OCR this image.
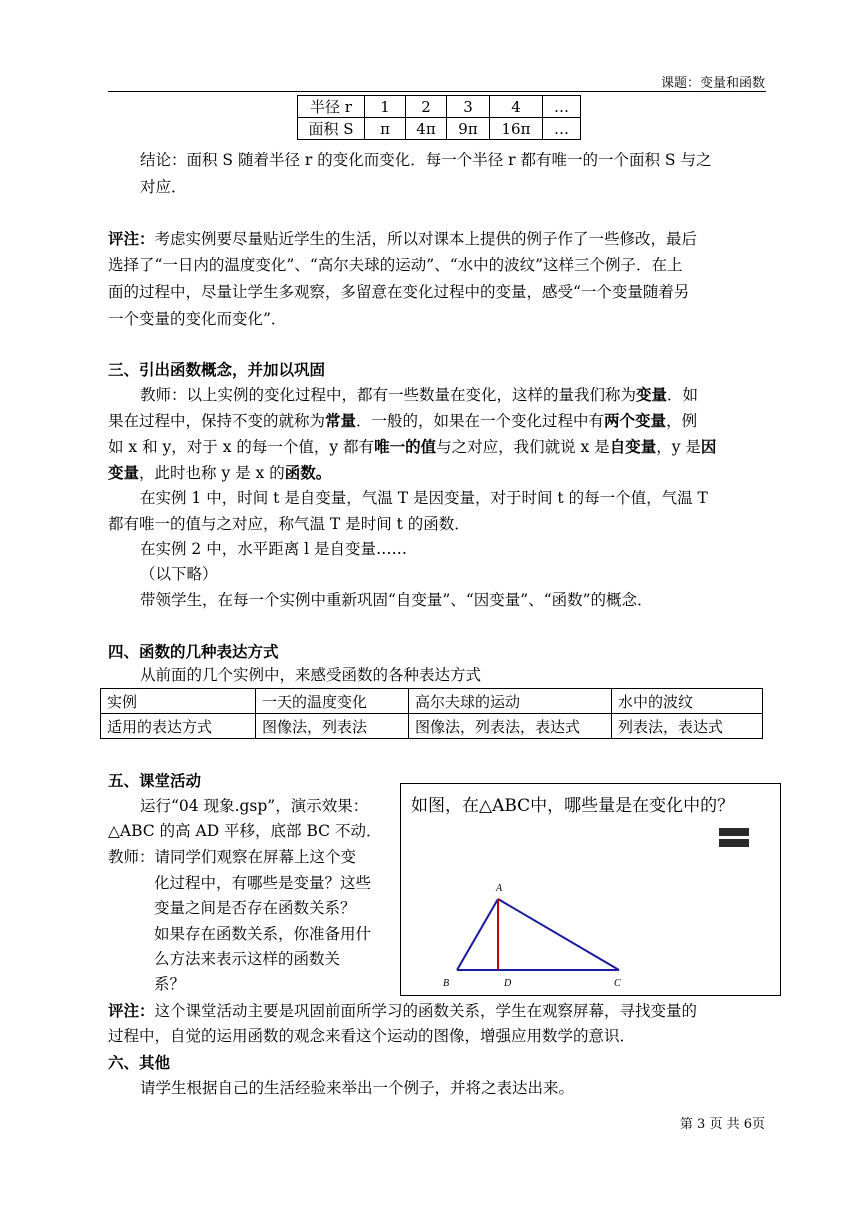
课题：变量和函数
半径 r	1	2	3	4	…
面积 S	π	4π	9π	16π	…
结论：面积 S 随着半径 r 的变化而变化．每一个半径 r 都有唯一的一个面积 S 与之
对应．
评注：考虑实例要尽量贴近学生的生活，所以对课本上提供的例子作了一些修改，最后
选择了“一日内的温度变化”、“高尔夫球的运动”、“水中的波纹”这样三个例子．在上
面的过程中，尽量让学生多观察，多留意在变化过程中的变量，感受“一个变量随着另
一个变量的变化而变化”．
三、引出函数概念，并加以巩固
教师：以上实例的变化过程中，都有一些数量在变化，这样的量我们称为变量．如
果在过程中，保持不变的就称为常量．一般的，如果在一个变化过程中有两个变量，例
如 x 和 y，对于 x 的每一个值，y 都有唯一的值与之对应，我们就说 x 是自变量，y 是因
变量，此时也称 y 是 x 的函数。
在实例 1 中，时间 t 是自变量，气温 T 是因变量，对于时间 t 的每一个值，气温 T
都有唯一的值与之对应，称气温 T 是时间 t 的函数．
在实例 2 中，水平距离 l 是自变量……
（以下略）
带领学生，在每一个实例中重新巩固“自变量”、“因变量”、“函数”的概念．
四、函数的几种表达方式
从前面的几个实例中，来感受函数的各种表达方式
实例	一天的温度变化	高尔夫球的运动	水中的波纹
适用的表达方式	图像法，列表法	图像法，列表法，表达式	列表法，表达式
五、课堂活动
运行“04 现象.gsp”，演示效果：
△ABC 的高 AD 平移，底部 BC 不动．
教师：请同学们观察在屏幕上这个变
化过程中，有哪些是变量？这些
变量之间是否存在函数关系？
如果存在函数关系，你准备用什
么方法来表示这样的函数关
系？
如图，在△ABC中，哪些量是在变化中的？
A
B	D	C
评注：这个课堂活动主要是巩固前面所学习的函数关系，学生在观察屏幕，寻找变量的
过程中，自觉的运用函数的观念来看这个运动的图像，增强应用数学的意识．
六、其他
请学生根据自己的生活经验来举出一个例子，并将之表达出来。
第 3 页 共 6页
